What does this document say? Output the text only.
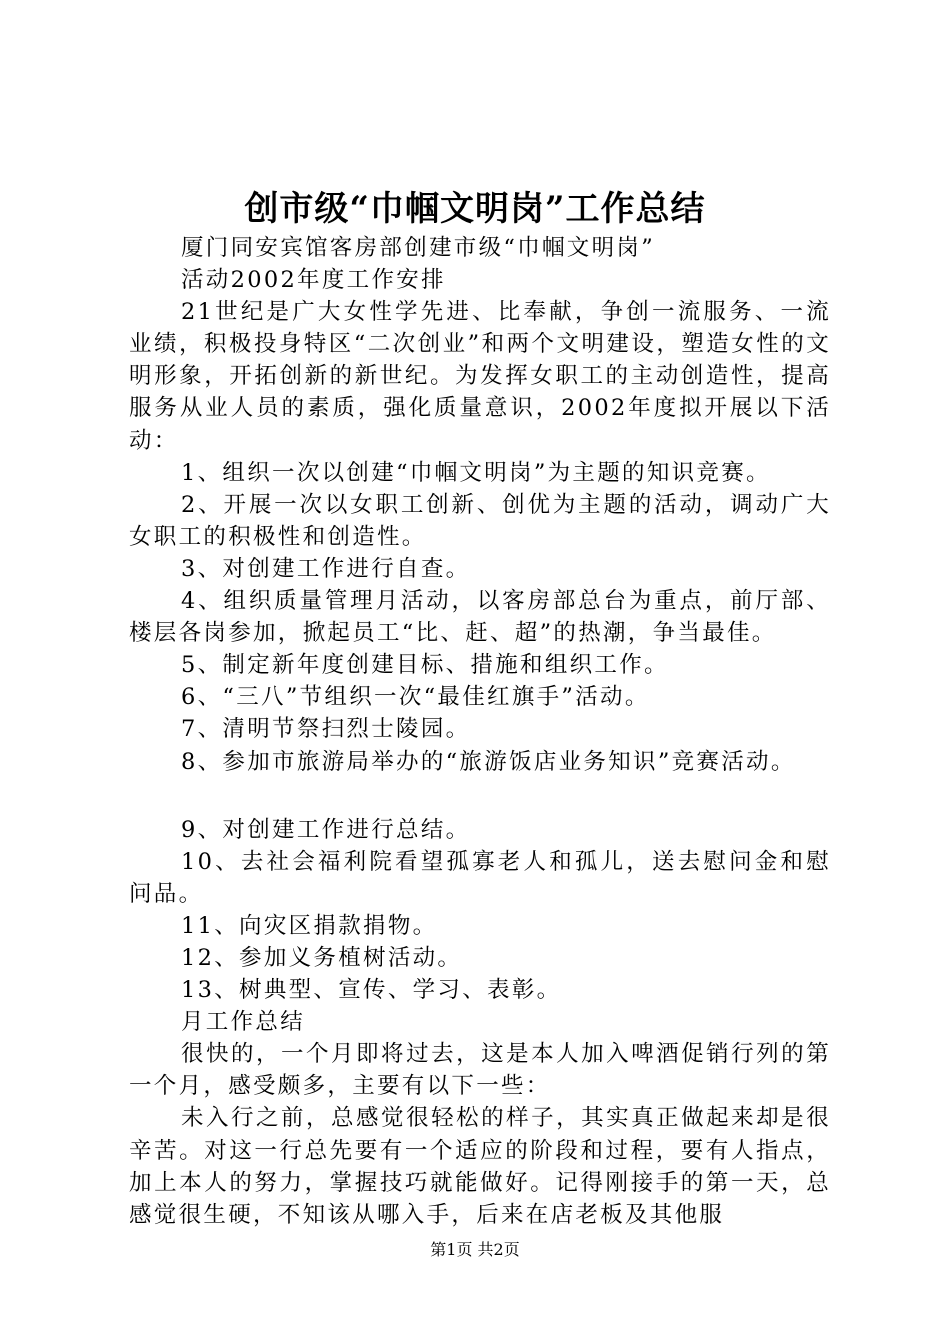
创市级“巾帼文明岗”工作总结

厦门同安宾馆客房部创建市级“巾帼文明岗”

活动2002年度工作安排

21世纪是广大女性学先进、比奉献，争创一流服务、一流业绩，积极投身特区“二次创业”和两个文明建设，塑造女性的文明形象，开拓创新的新世纪。为发挥女职工的主动创造性，提高服务从业人员的素质，强化质量意识，2002年度拟开展以下活动：

1、组织一次以创建“巾帼文明岗”为主题的知识竞赛。

2、开展一次以女职工创新、创优为主题的活动，调动广大女职工的积极性和创造性。

3、对创建工作进行自查。

4、组织质量管理月活动，以客房部总台为重点，前厅部、楼层各岗参加，掀起员工“比、赶、超”的热潮，争当最佳。

5、制定新年度创建目标、措施和组织工作。

6、“三八”节组织一次“最佳红旗手”活动。

7、清明节祭扫烈士陵园。

8、参加市旅游局举办的“旅游饭店业务知识”竞赛活动。

9、对创建工作进行总结。

10、去社会福利院看望孤寡老人和孤儿，送去慰问金和慰问品。

11、向灾区捐款捐物。

12、参加义务植树活动。

13、树典型、宣传、学习、表彰。

月工作总结

很快的，一个月即将过去，这是本人加入啤酒促销行列的第一个月，感受颇多，主要有以下一些：

未入行之前，总感觉很轻松的样子，其实真正做起来却是很辛苦。对这一行总先要有一个适应的阶段和过程，要有人指点，加上本人的努力，掌握技巧就能做好。记得刚接手的第一天，总感觉很生硬，不知该从哪入手，后来在店老板及其他服

第1页 共2页
